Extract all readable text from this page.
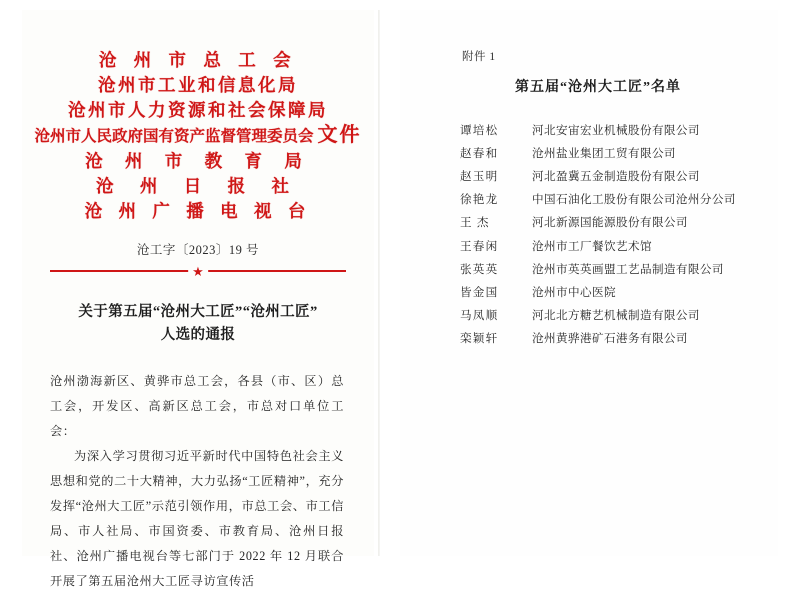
沧 州 市 总 工 会
沧州市工业和信息化局
沧州市人力资源和社会保障局
沧州市人民政府国有资产监督管理委员会 文件
沧 州 市 教 育 局
沧 州 日 报 社
沧 州 广 播 电 视 台
沧工字〔2023〕19 号
★
关于第五届“沧州大工匠”“沧州工匠”
人选的通报

沧州渤海新区、黄骅市总工会，各县（市、区）总工会，开发区、高新区总工会，市总对口单位工会：

为深入学习贯彻习近平新时代中国特色社会主义思想和党的二十大精神，大力弘扬“工匠精神”，充分发挥“沧州大工匠”示范引领作用，市总工会、市工信局、市人社局、市国资委、市教育局、沧州日报社、沧州广播电视台等七部门于 2022 年 12 月联合开展了第五届沧州大工匠寻访宣传活

附件 1
第五届“沧州大工匠”名单
谭培松	河北安宙宏业机械股份有限公司
赵春和	沧州盐业集团工贸有限公司
赵玉明	河北盈冀五金制造股份有限公司
徐艳龙	中国石油化工股份有限公司沧州分公司
王 杰	河北新源国能源股份有限公司
王春闲	沧州市工厂餐饮艺术馆
张英英	沧州市英英画盟工艺品制造有限公司
皆金国	沧州市中心医院
马凤顺	河北北方糖艺机械制造有限公司
栾颖轩	沧州黄骅港矿石港务有限公司
